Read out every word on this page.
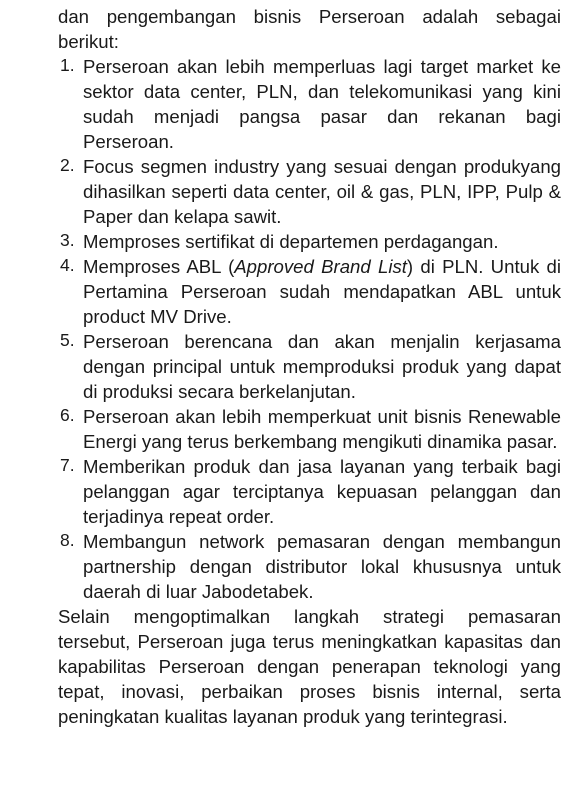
dan pengembangan bisnis Perseroan adalah sebagai berikut:

1. Perseroan akan lebih memperluas lagi target market ke sektor data center, PLN, dan telekomunikasi yang kini sudah menjadi pangsa pasar dan rekanan bagi Perseroan.
2. Focus segmen industry yang sesuai dengan produkyang dihasilkan seperti data center, oil & gas, PLN, IPP, Pulp & Paper dan kelapa sawit.
3. Memproses sertifikat di departemen perdagangan.
4. Memproses ABL (Approved Brand List) di PLN. Untuk di Pertamina Perseroan sudah mendapatkan ABL untuk product MV Drive.
5. Perseroan berencana dan akan menjalin kerjasama dengan principal untuk memproduksi produk yang dapat di produksi secara berkelanjutan.
6. Perseroan akan lebih memperkuat unit bisnis Renewable Energi yang terus berkembang mengikuti dinamika pasar.
7. Memberikan produk dan jasa layanan yang terbaik bagi pelanggan agar terciptanya kepuasan pelanggan dan terjadinya repeat order.
8. Membangun network pemasaran dengan membangun partnership dengan distributor lokal khususnya untuk daerah di luar Jabodetabek.

Selain mengoptimalkan langkah strategi pemasaran tersebut, Perseroan juga terus meningkatkan kapasitas dan kapabilitas Perseroan dengan penerapan teknologi yang tepat, inovasi, perbaikan proses bisnis internal, serta peningkatan kualitas layanan produk yang terintegrasi.
